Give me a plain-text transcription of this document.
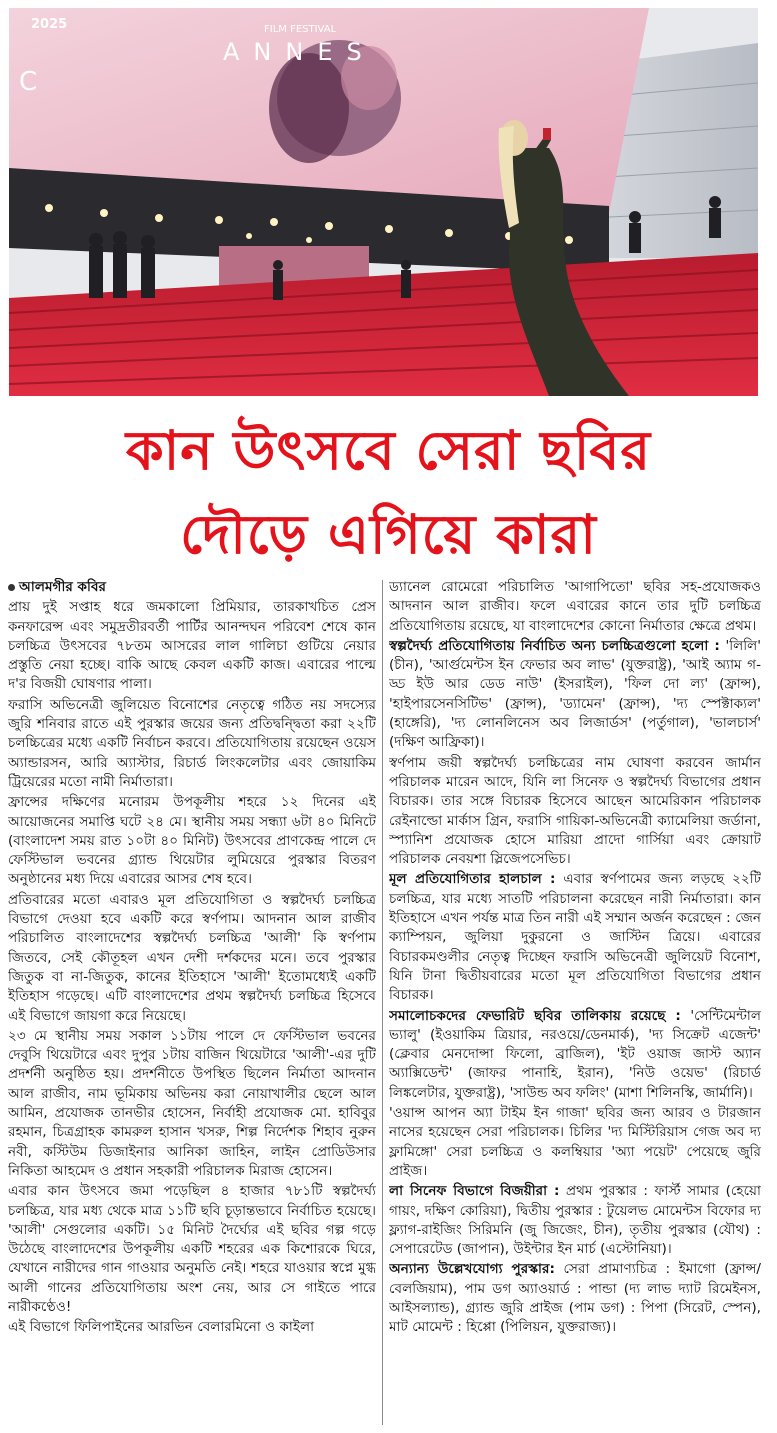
2025	FILM FESTIVAL
ANNES
C
কান উৎসবে সেরা ছবির
দৌড়ে এগিয়ে কারা

আলমগীর কবির

প্রায় দুই সপ্তাহ ধরে জমকালো প্রিমিয়ার, তারকাখচিত প্রেস কনফারেন্স এবং সমুদ্রতীরবর্তী পার্টির আনন্দঘন পরিবেশ শেষে কান চলচ্চিত্র উৎসবের ৭৮তম আসরের লাল গালিচা গুটিয়ে নেয়ার প্রস্তুতি নেয়া হচ্ছে। বাকি আছে কেবল একটি কাজ। এবারের পাল্মে দ'র বিজয়ী ঘোষণার পালা।

ফরাসি অভিনেত্রী জুলিয়েত বিনোশের নেতৃত্বে গঠিত নয় সদস্যের জুরি শনিবার রাতে এই পুরস্কার জয়ের জন্য প্রতিদ্বন্দ্বিতা করা ২২টি চলচ্চিত্রের মধ্যে একটি নির্বাচন করবে। প্রতিযোগিতায় রয়েছেন ওয়েস অ্যান্ডারসন, আরি অ্যাস্টার, রিচার্ড লিংকলেটার এবং জোয়াকিম ট্রিয়েরের মতো নামী নির্মাতারা।

ফ্রান্সের দক্ষিণের মনোরম উপকূলীয় শহরে ১২ দিনের এই আয়োজনের সমাপ্তি ঘটে ২৪ মে। স্থানীয় সময় সন্ধ্যা ৬টা ৪০ মিনিটে (বাংলাদেশ সময় রাত ১০টা ৪০ মিনিট) উৎসবের প্রাণকেন্দ্র পালে দে ফেস্টিভাল ভবনের গ্র্যান্ড থিয়েটার লুমিয়েরে পুরস্কার বিতরণ অনুষ্ঠানের মধ্য দিয়ে এবারের আসর শেষ হবে।

প্রতিবারের মতো এবারও মূল প্রতিযোগিতা ও স্বল্পদৈর্ঘ্য চলচ্চিত্র বিভাগে দেওয়া হবে একটি করে স্বর্ণপাম। আদনান আল রাজীব পরিচালিত বাংলাদেশের স্বল্পদৈর্ঘ্য চলচ্চিত্র 'আলী' কি স্বর্ণপাম জিতবে, সেই কৌতূহল এখন দেশী দর্শকদের মনে। তবে পুরস্কার জিতুক বা না-জিতুক, কানের ইতিহাসে 'আলী' ইতোমধ্যেই একটি ইতিহাস গড়েছে। এটি বাংলাদেশের প্রথম স্বল্পদৈর্ঘ্য চলচ্চিত্র হিসেবে এই বিভাগে জায়গা করে নিয়েছে।

২৩ মে স্থানীয় সময় সকাল ১১টায় পালে দে ফেস্টিভাল ভবনের দেবুসি থিয়েটারে এবং দুপুর ১টায় বাজিন থিয়েটারে 'আলী'-এর দুটি প্রদর্শনী অনুষ্ঠিত হয়। প্রদর্শনীতে উপস্থিত ছিলেন নির্মাতা আদনান আল রাজীব, নাম ভূমিকায় অভিনয় করা নোয়াখালীর ছেলে আল আমিন, প্রযোজক তানভীর হোসেন, নির্বাহী প্রযোজক মো. হাবিবুর রহমান, চিত্রগ্রাহক কামরুল হাসান খসরু, শিল্প নির্দেশক শিহাব নুরুন নবী, কস্টিউম ডিজাইনার আনিকা জাহিন, লাইন প্রোডিউসার নিকিতা আহমেদ ও প্রধান সহকারী পরিচালক মিরাজ হোসেন।

এবার কান উৎসবে জমা পড়েছিল ৪ হাজার ৭৮১টি স্বল্পদৈর্ঘ্য চলচ্চিত্র, যার মধ্য থেকে মাত্র ১১টি ছবি চূড়ান্তভাবে নির্বাচিত হয়েছে। 'আলী' সেগুলোর একটি। ১৫ মিনিট দৈর্ঘ্যের এই ছবির গল্প গড়ে উঠেছে বাংলাদেশের উপকূলীয় একটি শহরের এক কিশোরকে ঘিরে, যেখানে নারীদের গান গাওয়ার অনুমতি নেই। শহরে যাওয়ার স্বপ্নে মুগ্ধ আলী গানের প্রতিযোগিতায় অংশ নেয়, আর সে গাইতে পারে নারীকণ্ঠেও!

এই বিভাগে ফিলিপাইনের আরভিন বেলারমিনো ও কাইলা

ড্যানেল রোমেরো পরিচালিত 'আগাপিতো' ছবির সহ-প্রযোজকও আদনান আল রাজীব। ফলে এবারের কানে তার দুটি চলচ্চিত্র প্রতিযোগিতায় রয়েছে, যা বাংলাদেশের কোনো নির্মাতার ক্ষেত্রে প্রথম।

স্বল্পদৈর্ঘ্য প্রতিযোগিতায় নির্বাচিত অন্য চলচ্চিত্রগুলো হলো : 'লিলি' (চীন), 'আর্গুমেন্টস ইন ফেভার অব লাভ' (যুক্তরাষ্ট্র), 'আই অ্যাম গ-ড্ড ইউ আর ডেড নাউ' (ইসরাইল), 'ফিল দো ল্য' (ফ্রান্স), 'হাইপারসেনসিটিভ' (ফ্রান্স), 'ড্যামেন' (ফ্রান্স), 'দ্য স্পেক্টাক্যল' (হাঙ্গেরি), 'দ্য লোনলিনেস অব লিজার্ডস' (পর্তুগাল), 'ভালচার্স' (দক্ষিণ আফ্রিকা)।

স্বর্ণপাম জয়ী স্বল্পদৈর্ঘ্য চলচ্চিত্রের নাম ঘোষণা করবেন জার্মান পরিচালক মারেন আদে, যিনি লা সিনেফ ও স্বল্পদৈর্ঘ্য বিভাগের প্রধান বিচারক। তার সঙ্গে বিচারক হিসেবে আছেন আমেরিকান পরিচালক রেইনাল্ডো মার্কাস গ্রিন, ফরাসি গায়িকা-অভিনেত্রী ক্যামেলিয়া জর্ডানা, স্প্যানিশ প্রযোজক হোসে মারিয়া প্রাদো গার্সিয়া এবং ক্রোয়াট পরিচালক নেবয়শা স্লিজেপসেভিচ।

মূল প্রতিযোগিতার হালচাল : এবার স্বর্ণপামের জন্য লড়ছে ২২টি চলচ্চিত্র, যার মধ্যে সাতটি পরিচালনা করেছেন নারী নির্মাতারা। কান ইতিহাসে এখন পর্যন্ত মাত্র তিন নারী এই সম্মান অর্জন করেছেন : জেন ক্যাম্পিয়ন, জুলিয়া দুকুরনো ও জাস্টিন ত্রিয়ে। এবারের বিচারকমণ্ডলীর নেতৃত্ব দিচ্ছেন ফরাসি অভিনেত্রী জুলিয়েট বিনোশ, যিনি টানা দ্বিতীয়বারের মতো মূল প্রতিযোগিতা বিভাগের প্রধান বিচারক।

সমালোচকদের ফেভারিট ছবির তালিকায় রয়েছে : 'সেন্টিমেন্টাল ভ্যালু' (ইওয়াকিম ত্রিয়ার, নরওয়ে/ডেনমার্ক), 'দ্য সিক্রেট এজেন্ট' (ক্লেবার মেনদোন্সা ফিলো, ব্রাজিল), 'ইট ওয়াজ জাস্ট অ্যান অ্যাক্সিডেন্ট' (জাফর পানাহি, ইরান), 'নিউ ওয়েভ' (রিচার্ড লিঙ্কলেটার, যুক্তরাষ্ট্র), 'সাউন্ড অব ফলিং' (মাশা শিলিনস্কি, জার্মানি)।

'ওয়ান্স আপন অ্যা টাইম ইন গাজা' ছবির জন্য আরব ও টারজান নাসের হয়েছেন সেরা পরিচালক। চিলির 'দ্য মিস্টিরিয়াস গেজ অব দ্য ফ্লামিঙ্গো' সেরা চলচ্চিত্র ও কলম্বিয়ার 'অ্যা পয়েট' পেয়েছে জুরি প্রাইজ।

লা সিনেফ বিভাগে বিজয়ীরা : প্রথম পুরস্কার : ফার্স্ট সামার (হেয়ো গায়ং, দক্ষিণ কোরিয়া), দ্বিতীয় পুরস্কার : টুয়েলভ মোমেন্টস বিফোর দ্য ফ্ল্যাগ-রাইজিং সিরিমনি (জু জিজেং, চীন), তৃতীয় পুরস্কার (যৌথ) : সেপারেটেড (জাপান), উইন্টার ইন মার্চ (এস্টোনিয়া)।

অন্যান্য উল্লেখযোগ্য পুরস্কার: সেরা প্রামাণ্যচিত্র : ইমাগো (ফ্রান্স/বেলজিয়াম), পাম ডগ অ্যাওয়ার্ড : পান্ডা (দ্য লাভ দ্যাট রিমেইনস, আইসল্যান্ড), গ্র্যান্ড জুরি প্রাইজ (পাম ডগ) : পিপা (সিরেট, স্পেন), মাট মোমেন্ট : হিপ্পো (পিলিয়ন, যুক্তরাজ্য)।
